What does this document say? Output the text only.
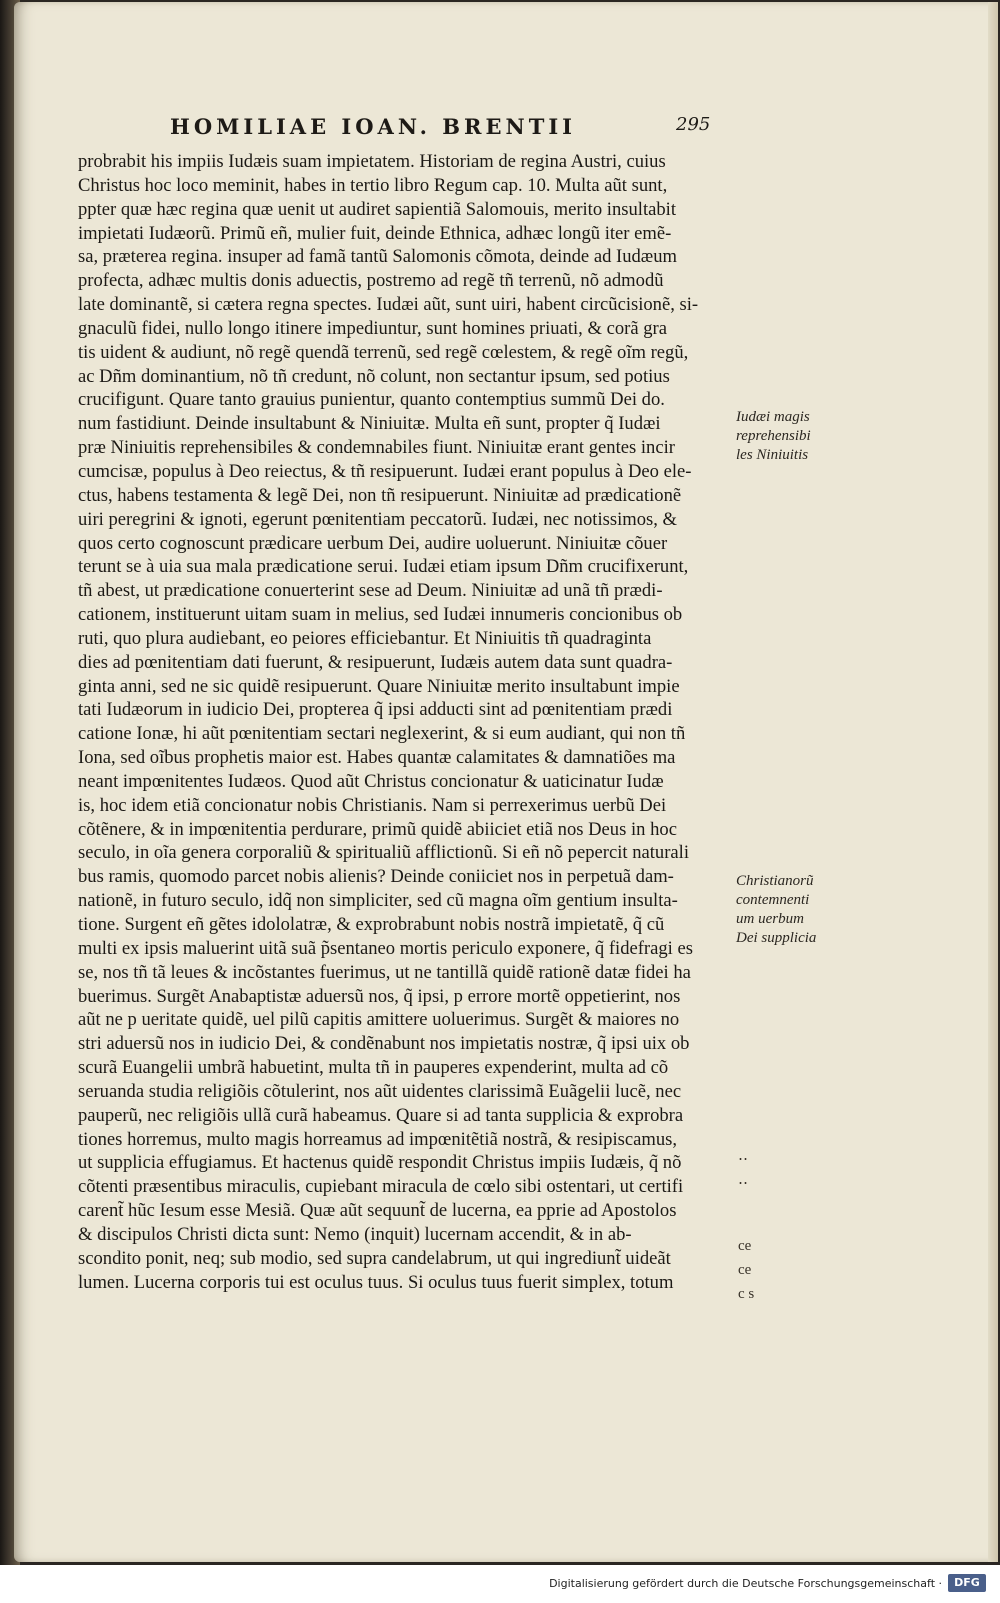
HOMILIAE IOAN. BRENTII	295
probrabit his impiis Iudæis suam impietatem. Historiam de regina Austri, cuius
Christus hoc loco meminit, habes in tertio libro Regum cap. 10. Multa aũt sunt,
ppter quæ hæc regina quæ uenit ut audiret sapientiã Salomouis, merito insultabit
impietati Iudæorũ. Primũ eñ, mulier fuit, deinde Ethnica, adhæc longũ iter emẽ-
sa, præterea regina. insuper ad famã tantũ Salomonis cõmota, deinde ad Iudæum
profecta, adhæc multis donis aduectis, postremo ad regẽ tñ terrenũ, nõ admodũ
late dominantẽ, si cætera regna spectes. Iudæi aũt, sunt uiri, habent circũcisionẽ, si-
gnaculũ fidei, nullo longo itinere impediuntur, sunt homines priuati, & corã gra
tis uident & audiunt, nõ regẽ quendã terrenũ, sed regẽ cœlestem, & regẽ oĩm regũ,
ac Dñm dominantium, nõ tñ credunt, nõ colunt, non sectantur ipsum, sed potius
crucifigunt. Quare tanto grauius punientur, quanto contemptius summũ Dei do.
num fastidiunt. Deinde insultabunt & Niniuitæ. Multa eñ sunt, propter q̃ Iudæi
præ Niniuitis reprehensibiles & condemnabiles fiunt. Niniuitæ erant gentes incir
cumcisæ, populus à Deo reiectus, & tñ resipuerunt. Iudæi erant populus à Deo ele-
ctus, habens testamenta & legẽ Dei, non tñ resipuerunt. Niniuitæ ad prædicationẽ
uiri peregrini & ignoti, egerunt pœnitentiam peccatorũ. Iudæi, nec notissimos, &
quos certo cognoscunt prædicare uerbum Dei, audire uoluerunt. Niniuitæ cõuer
terunt se à uia sua mala prædicatione serui. Iudæi etiam ipsum Dñm crucifixerunt,
tñ abest, ut prædicatione conuerterint sese ad Deum. Niniuitæ ad unã tñ prædi-
cationem, instituerunt uitam suam in melius, sed Iudæi innumeris concionibus ob
ruti, quo plura audiebant, eo peiores efficiebantur. Et Niniuitis tñ quadraginta
dies ad pœnitentiam dati fuerunt, & resipuerunt, Iudæis autem data sunt quadra-
ginta anni, sed ne sic quidẽ resipuerunt. Quare Niniuitæ merito insultabunt impie
tati Iudæorum in iudicio Dei, propterea q̃ ipsi adducti sint ad pœnitentiam prædi
catione Ionæ, hi aũt pœnitentiam sectari neglexerint, & si eum audiant, qui non tñ
Iona, sed oĩbus prophetis maior est. Habes quantæ calamitates & damnatiões ma
neant impœnitentes Iudæos. Quod aũt Christus concionatur & uaticinatur Iudæ
is, hoc idem etiã concionatur nobis Christianis. Nam si perrexerimus uerbũ Dei
cõtẽnere, & in impœnitentia perdurare, primũ quidẽ abiiciet etiã nos Deus in hoc
seculo, in oĩa genera corporaliũ & spiritualiũ afflictionũ. Si eñ nõ pepercit naturali
bus ramis, quomodo parcet nobis alienis? Deinde coniiciet nos in perpetuã dam-
nationẽ, in futuro seculo, idq̃ non simpliciter, sed cũ magna oĩm gentium insulta-
tione. Surgent eñ gẽtes idololatræ, & exprobrabunt nobis nostrã impietatẽ, q̃ cũ
multi ex ipsis maluerint uitã suã p̃sentaneo mortis periculo exponere, q̃ fidefragi es
se, nos tñ tã leues & incõstantes fuerimus, ut ne tantillã quidẽ rationẽ datæ fidei ha
buerimus. Surgẽt Anabaptistæ aduersũ nos, q̃ ipsi, p errore mortẽ oppetierint, nos
aũt ne p ueritate quidẽ, uel pilũ capitis amittere uoluerimus. Surgẽt & maiores no
stri aduersũ nos in iudicio Dei, & condẽnabunt nos impietatis nostræ, q̃ ipsi uix ob
scurã Euangelii umbrã habuetint, multa tñ in pauperes expenderint, multa ad cõ
seruanda studia religiõis cõtulerint, nos aũt uidentes clarissimã Euãgelii lucẽ, nec
pauperũ, nec religiõis ullã curã habeamus. Quare si ad tanta supplicia & exprobra
tiones horremus, multo magis horreamus ad impœnitẽtiã nostrã, & resipiscamus,
ut supplicia effugiamus. Et hactenus quidẽ respondit Christus impiis Iudæis, q̃ nõ
cõtenti præsentibus miraculis, cupiebant miracula de cœlo sibi ostentari, ut certifi
carent̃ hũc Iesum esse Mesiã. Quæ aũt sequunt̃ de lucerna, ea pprie ad Apostolos
& discipulos Christi dicta sunt: Nemo (inquit) lucernam accendit, & in ab-
scondito ponit, neq; sub modio, sed supra candelabrum, ut qui ingrediunt̃ uideãt
lumen. Lucerna corporis tui est oculus tuus. Si oculus tuus fuerit simplex, totum
Iudæi magis
reprehensibi
les Niniuitis
Christianorũ
contemnenti
um uerbum
Dei supplicia
‥
‥
ce
ce
c s
Digitalisierung gefördert durch die Deutsche Forschungsgemeinschaft ·	DFG
